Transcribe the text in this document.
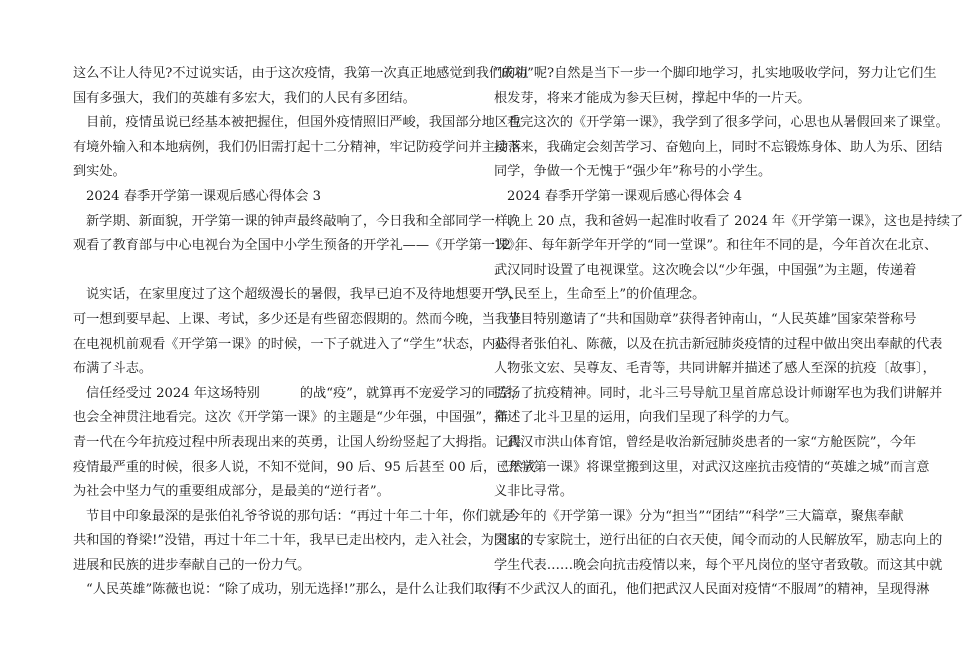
这么不让人待见?不过说实话，由于这次疫情，我第一次真正地感觉到我们的祖
国有多强大，我们的英雄有多宏大，我们的人民有多团结。
目前，疫情虽说已经基本被把握住，但国外疫情照旧严峻，我国部分地区也
有境外输入和本地病例，我们仍旧需打起十二分精神，牢记防疫学问并主动落
到实处。
2024 春季开学第一课观后感心得体会 3
新学期、新面貌，开学第一课的钟声最终敲响了，今日我和全部同学一样，
观看了教育部与中心电视台为全国中小学生预备的开学礼——《开学第一课》。
说实话，在家里度过了这个超级漫长的暑假，我早已迫不及待地想要开学，
可一想到要早起、上课、考试，多少还是有些留恋假期的。然而今晚，当我坐
在电视机前观看《开学第一课》的时候，一下子就进入了“学生”状态，内心
布满了斗志。
信任经受过 2024 年这场特别	的战“疫”，就算再不宠爱学习的同学，
也会全神贯注地看完。这次《开学第一课》的主题是“少年强，中国强”，年
青一代在今年抗疫过程中所表现出来的英勇，让国人纷纷竖起了大拇指。记得
疫情最严重的时候，很多人说，不知不觉间，90 后、95 后甚至 00 后，已然成
为社会中坚力气的重要组成部分，是最美的“逆行者”。
节目中印象最深的是张伯礼爷爷说的那句话：“再过十年二十年，你们就是
共和国的脊梁!”没错，再过十年二十年，我早已走出校内，走入社会，为国家的
进展和民族的进步奉献自己的一份力气。
“人民英雄”陈薇也说：“除了成功，别无选择!”那么，是什么让我们取得
“成功”呢?自然是当下一步一个脚印地学习，扎实地吸收学问，努力让它们生
根发芽，将来才能成为参天巨树，撑起中华的一片天。
看完这次的《开学第一课》，我学到了很多学问，心思也从暑假回来了课堂。
接下来，我确定会刻苦学习、奋勉向上，同时不忘锻炼身体、助人为乐、团结
同学，争做一个无愧于“强少年”称号的小学生。
2024 春季开学第一课观后感心得体会 4
晚上 20 点，我和爸妈一起准时收看了 2024 年《开学第一课》，这也是持续了
12 年、每年新学年开学的“同一堂课”。和往年不同的是，今年首次在北京、
武汉同时设置了电视课堂。这次晚会以“少年强，中国强”为主题，传递着
“人民至上，生命至上”的价值理念。
节目特别邀请了“共和国勋章”获得者钟南山，“人民英雄”国家荣誉称号
获得者张伯礼、陈薇，以及在抗击新冠肺炎疫情的过程中做出突出奉献的代表
人物张文宏、吴尊友、毛青等，共同讲解并描述了感人至深的抗疫〔故事〕，
弘扬了抗疫精神。同时，北斗三号导航卫星首席总设计师谢军也为我们讲解并
描述了北斗卫星的运用，向我们呈现了科学的力气。
武汉市洪山体育馆，曾经是收治新冠肺炎患者的一家“方舱医院”，今年
《开学第一课》将课堂搬到这里，对武汉这座抗击疫情的“英雄之城”而言意
义非比寻常。
今年的《开学第一课》分为“担当”“团结”“科学”三大篇章，聚焦奉献
突出的专家院士，逆行出征的白衣天使，闻令而动的人民解放军，励志向上的
学生代表……晚会向抗击疫情以来，每个平凡岗位的坚守者致敬。而这其中就
有不少武汉人的面孔，他们把武汉人民面对疫情“不服周”的精神，呈现得淋
